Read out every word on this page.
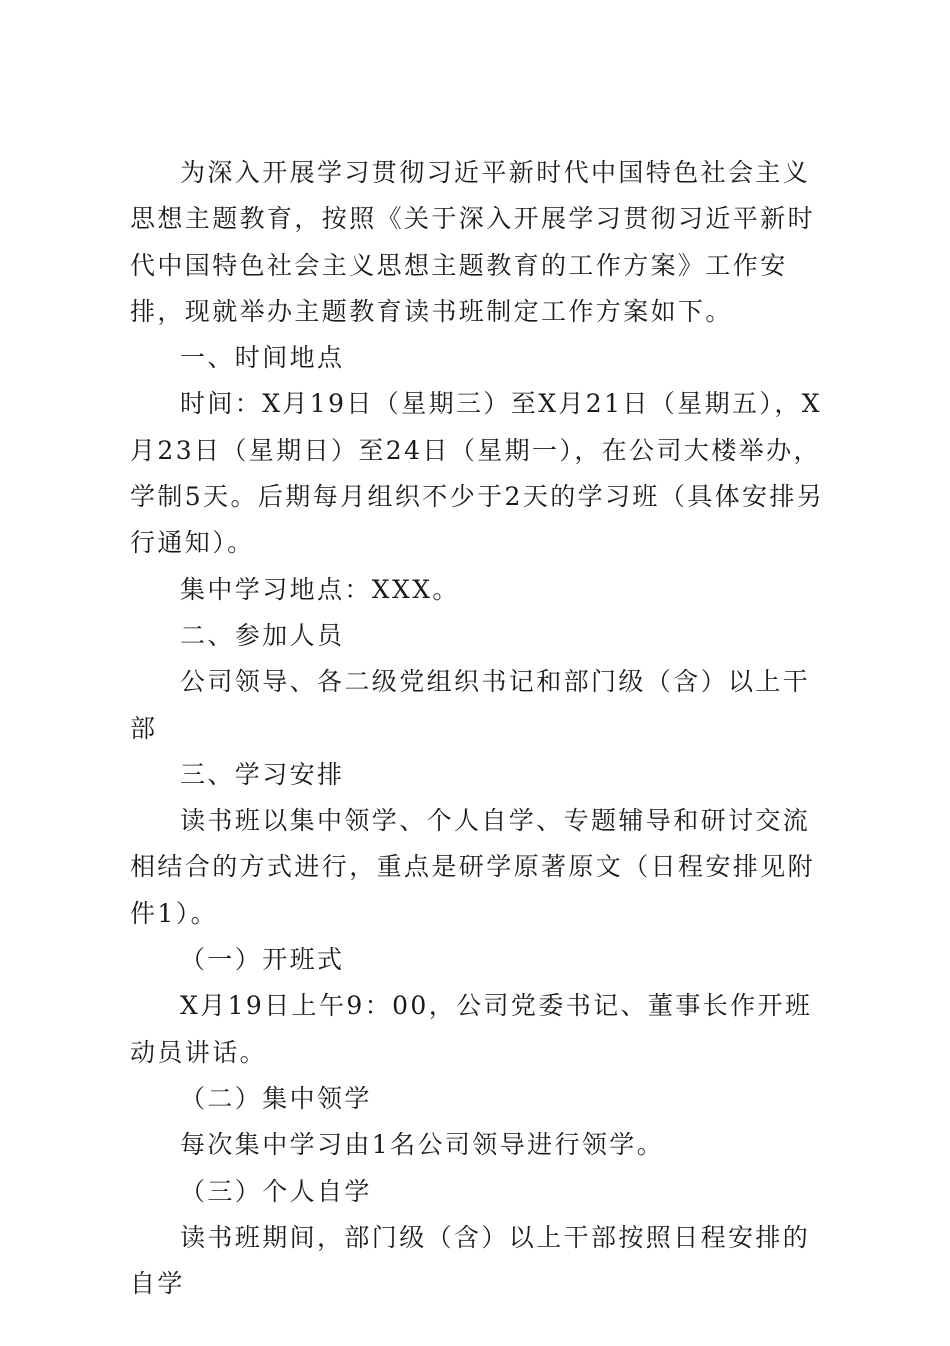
为深入开展学习贯彻习近平新时代中国特色社会主义思想主题教育，按照《关于深入开展学习贯彻习近平新时代中国特色社会主义思想主题教育的工作方案》工作安排，现就举办主题教育读书班制定工作方案如下。

一、时间地点

时间：X月19日（星期三）至X月21日（星期五），X月23日（星期日）至24日（星期一），在公司大楼举办，学制5天。后期每月组织不少于2天的学习班（具体安排另行通知）。

集中学习地点：XXX。

二、参加人员

公司领导、各二级党组织书记和部门级（含）以上干部

三、学习安排

读书班以集中领学、个人自学、专题辅导和研讨交流相结合的方式进行，重点是研学原著原文（日程安排见附件1）。

（一）开班式

X月19日上午9：00，公司党委书记、董事长作开班动员讲话。

（二）集中领学

每次集中学习由1名公司领导进行领学。

（三）个人自学

读书班期间，部门级（含）以上干部按照日程安排的自学
